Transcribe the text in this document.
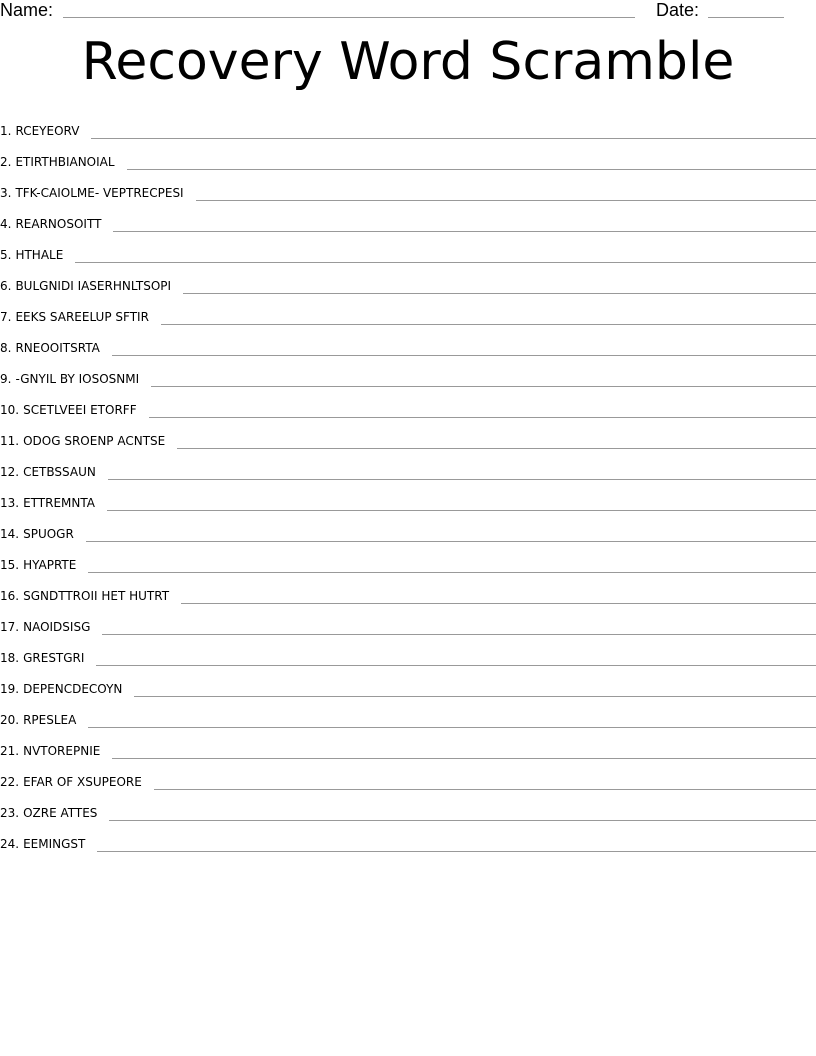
Name:	Date:
Recovery Word Scramble
1. RCEYEORV
2. ETIRTHBIANOIAL
3. TFK-CAIOLME- VEPTRECPESI
4. REARNOSOITT
5. HTHALE
6. BULGNIDI IASERHNLTSOPI
7. EEKS SAREELUP SFTIR
8. RNEOOITSRTA
9. -GNYIL BY IOSOSNMI
10. SCETLVEEI ETORFF
11. ODOG SROENP ACNTSE
12. CETBSSAUN
13. ETTREMNTA
14. SPUOGR
15. HYAPRTE
16. SGNDTTROII HET HUTRT
17. NAOIDSISG
18. GRESTGRI
19. DEPENCDECOYN
20. RPESLEA
21. NVTOREPNIE
22. EFAR OF XSUPEORE
23. OZRE ATTES
24. EEMINGST
